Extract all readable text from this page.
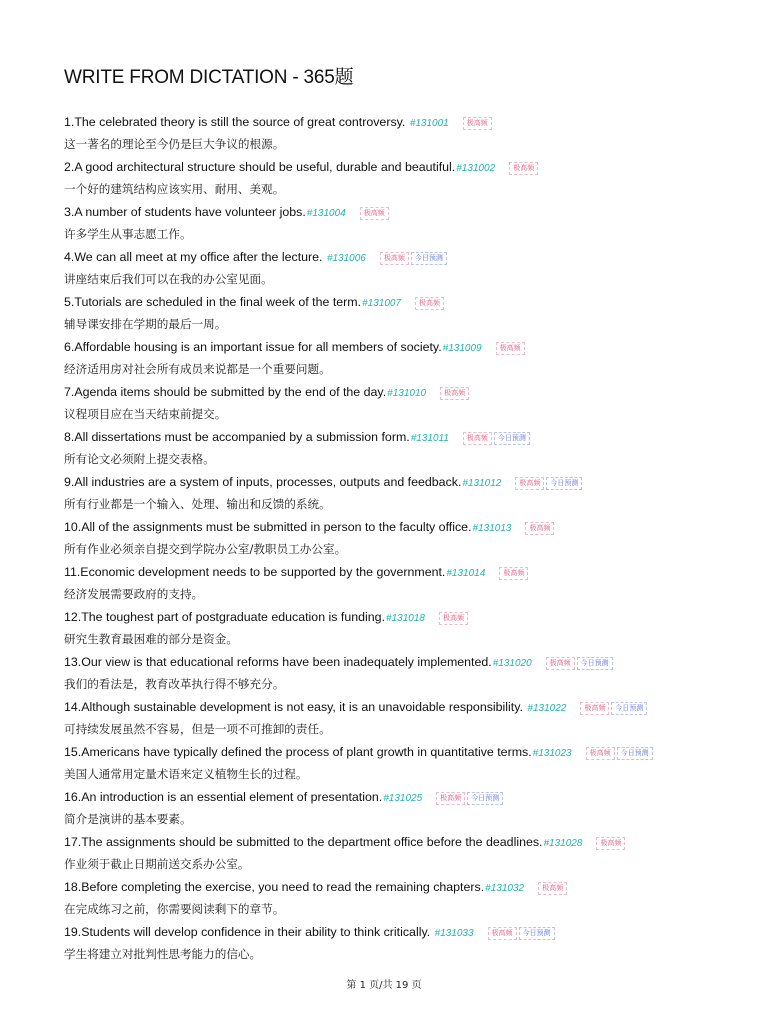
WRITE FROM DICTATION - 365题
1.The celebrated theory is still the source of great controversy. #131001	极高频
这一著名的理论至今仍是巨大争议的根源。
2.A good architectural structure should be useful, durable and beautiful.#131002	极高频
一个好的建筑结构应该实用、耐用、美观。
3.A number of students have volunteer jobs.#131004	极高频
许多学生从事志愿工作。
4.We can all meet at my office after the lecture. #131006	极高频 今日预测
讲座结束后我们可以在我的办公室见面。
5.Tutorials are scheduled in the final week of the term.#131007	极高频
辅导课安排在学期的最后一周。
6.Affordable housing is an important issue for all members of society.#131009	极高频
经济适用房对社会所有成员来说都是一个重要问题。
7.Agenda items should be submitted by the end of the day.#131010	极高频
议程项目应在当天结束前提交。
8.All dissertations must be accompanied by a submission form.#131011	极高频 今日预测
所有论文必须附上提交表格。
9.All industries are a system of inputs, processes, outputs and feedback.#131012	极高频 今日预测
所有行业都是一个输入、处理、输出和反馈的系统。
10.All of the assignments must be submitted in person to the faculty office.#131013	极高频
所有作业必须亲自提交到学院办公室/教职员工办公室。
11.Economic development needs to be supported by the government.#131014	极高频
经济发展需要政府的支持。
12.The toughest part of postgraduate education is funding.#131018	极高频
研究生教育最困难的部分是资金。
13.Our view is that educational reforms have been inadequately implemented.#131020	极高频 今日预测
我们的看法是，教育改革执行得不够充分。
14.Although sustainable development is not easy, it is an unavoidable responsibility. #131022	极高频 今日预测
可持续发展虽然不容易，但是一项不可推卸的责任。
15.Americans have typically defined the process of plant growth in quantitative terms.#131023	极高频 今日预测
美国人通常用定量术语来定义植物生长的过程。
16.An introduction is an essential element of presentation.#131025	极高频 今日预测
简介是演讲的基本要素。
17.The assignments should be submitted to the department office before the deadlines.#131028	极高频
作业须于截止日期前送交系办公室。
18.Before completing the exercise, you need to read the remaining chapters.#131032	极高频
在完成练习之前，你需要阅读剩下的章节。
19.Students will develop confidence in their ability to think critically. #131033	极高频 今日预测
学生将建立对批判性思考能力的信心。
第 1 页/共 19 页
